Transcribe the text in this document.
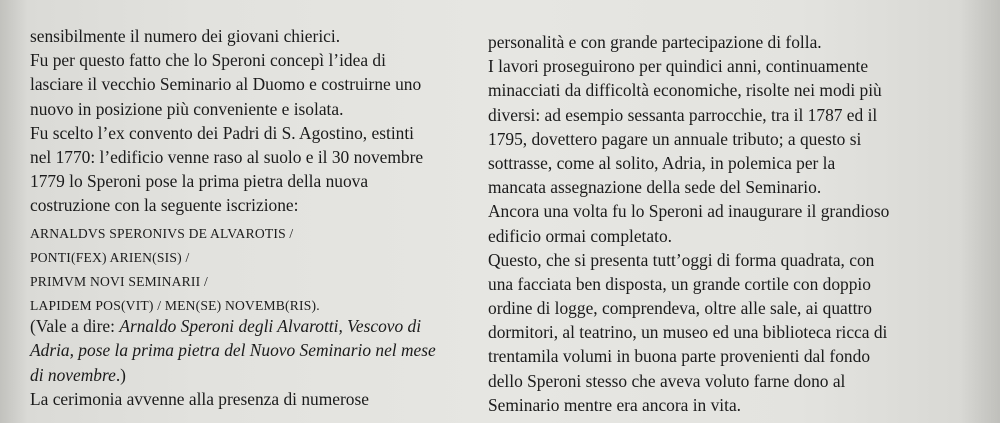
sensibilmente il numero dei giovani chierici.
Fu per questo fatto che lo Speroni concepì l’idea di
lasciare il vecchio Seminario al Duomo e costruirne uno
nuovo in posizione più conveniente e isolata.
Fu scelto l’ex convento dei Padri di S. Agostino, estinti
nel 1770: l’edificio venne raso al suolo e il 30 novembre
1779 lo Speroni pose la prima pietra della nuova
costruzione con la seguente iscrizione:
ARNALDVS SPERONIVS DE ALVAROTIS /
PONTI(FEX) ARIEN(SIS) /
PRIMVM NOVI SEMINARII /
LAPIDEM POS(VIT) / MEN(SE) NOVEMB(RIS).
(Vale a dire: Arnaldo Speroni degli Alvarotti, Vescovo di
Adria, pose la prima pietra del Nuovo Seminario nel mese
di novembre.)
La cerimonia avvenne alla presenza di numerose
personalità e con grande partecipazione di folla.
I lavori proseguirono per quindici anni, continuamente
minacciati da difficoltà economiche, risolte nei modi più
diversi: ad esempio sessanta parrocchie, tra il 1787 ed il
1795, dovettero pagare un annuale tributo; a questo si
sottrasse, come al solito, Adria, in polemica per la
mancata assegnazione della sede del Seminario.
Ancora una volta fu lo Speroni ad inaugurare il grandioso
edificio ormai completato.
Questo, che si presenta tutt’oggi di forma quadrata, con
una facciata ben disposta, un grande cortile con doppio
ordine di logge, comprendeva, oltre alle sale, ai quattro
dormitori, al teatrino, un museo ed una biblioteca ricca di
trentamila volumi in buona parte provenienti dal fondo
dello Speroni stesso che aveva voluto farne dono al
Seminario mentre era ancora in vita.
